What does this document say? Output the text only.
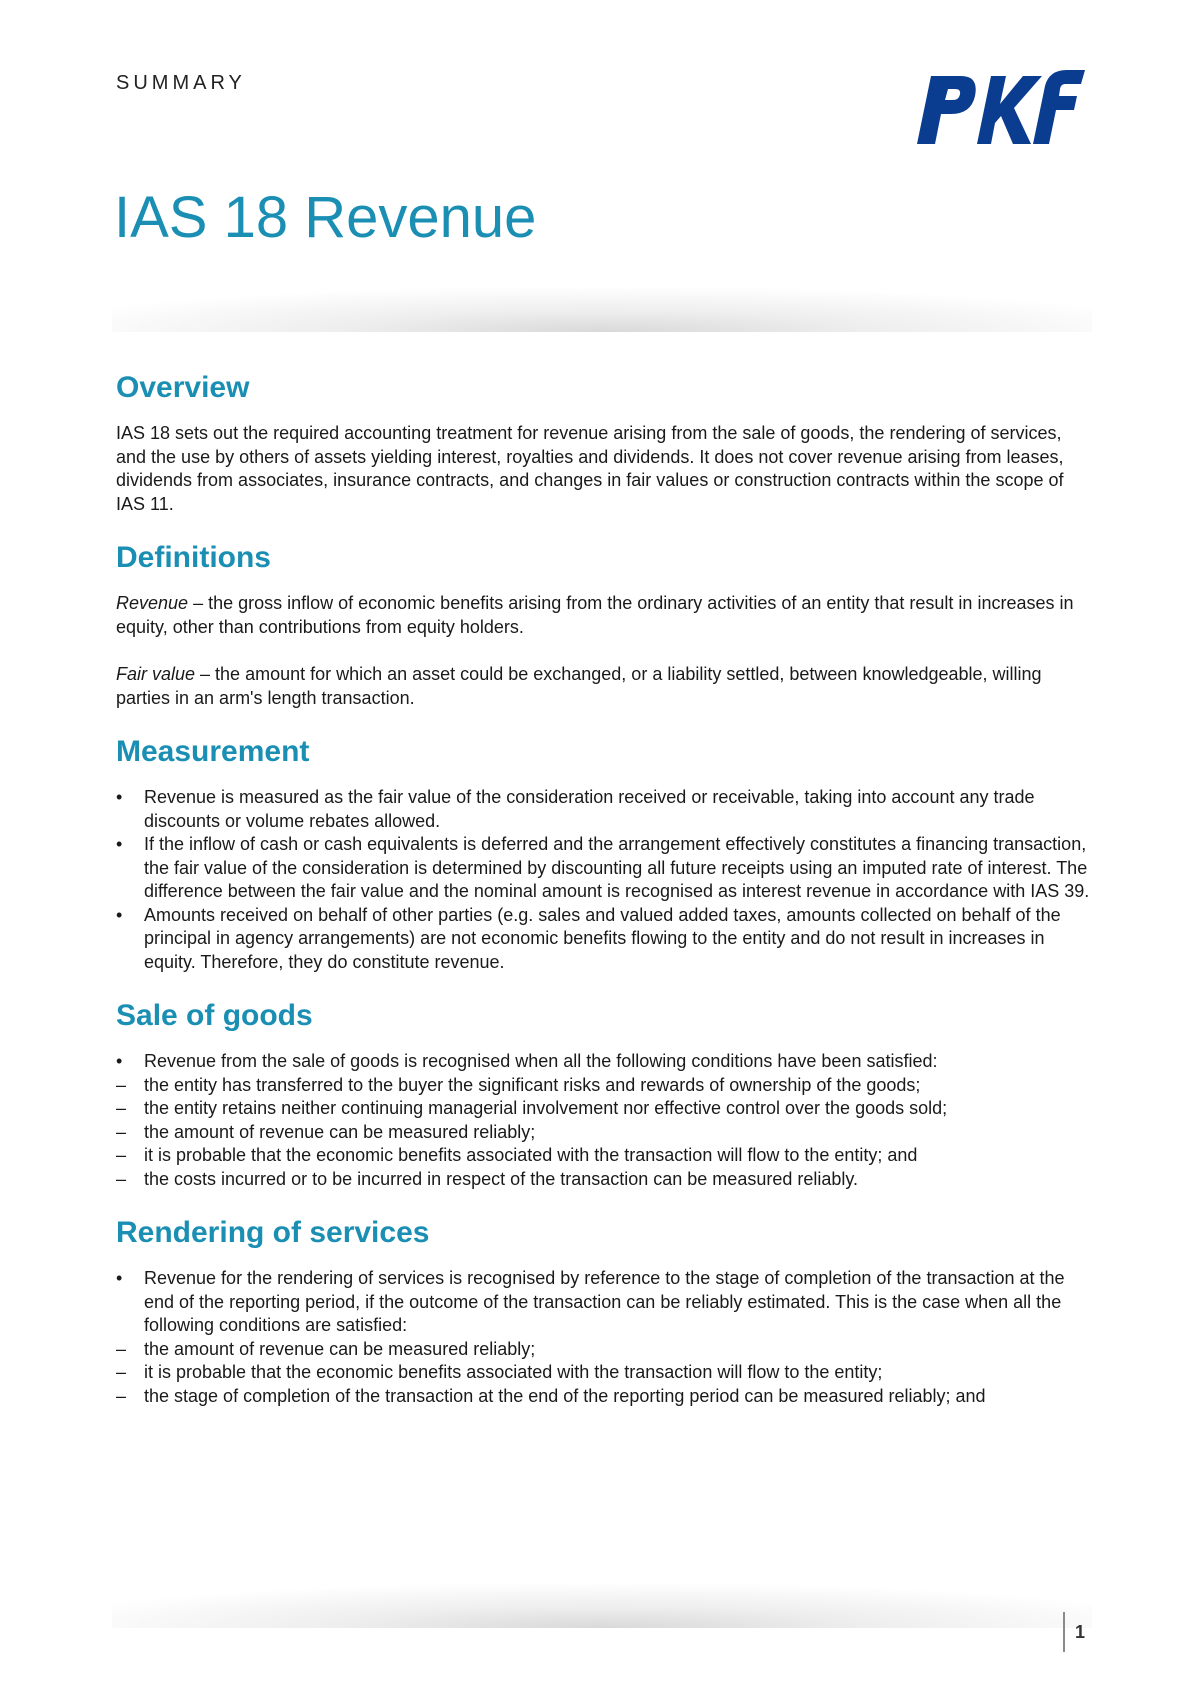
SUMMARY
IAS 18 Revenue
Overview

IAS 18 sets out the required accounting treatment for revenue arising from the sale of goods, the rendering of services, and the use by others of assets yielding interest, royalties and dividends. It does not cover revenue arising from leases, dividends from associates, insurance contracts, and changes in fair values or construction contracts within the scope of IAS 11.

Definitions

Revenue – the gross inflow of economic benefits arising from the ordinary activities of an entity that result in increases in equity, other than contributions from equity holders.

Fair value – the amount for which an asset could be exchanged, or a liability settled, between knowledgeable, willing parties in an arm's length transaction.

Measurement
• Revenue is measured as the fair value of the consideration received or receivable, taking into account any trade discounts or volume rebates allowed.
• If the inflow of cash or cash equivalents is deferred and the arrangement effectively constitutes a financing transaction, the fair value of the consideration is determined by discounting all future receipts using an imputed rate of interest. The difference between the fair value and the nominal amount is recognised as interest revenue in accordance with IAS 39.
• Amounts received on behalf of other parties (e.g. sales and valued added taxes, amounts collected on behalf of the principal in agency arrangements) are not economic benefits flowing to the entity and do not result in increases in equity. Therefore, they do constitute revenue.
Sale of goods
• Revenue from the sale of goods is recognised when all the following conditions have been satisfied:
– the entity has transferred to the buyer the significant risks and rewards of ownership of the goods;
– the entity retains neither continuing managerial involvement nor effective control over the goods sold;
– the amount of revenue can be measured reliably;
– it is probable that the economic benefits associated with the transaction will flow to the entity; and
– the costs incurred or to be incurred in respect of the transaction can be measured reliably.
Rendering of services
• Revenue for the rendering of services is recognised by reference to the stage of completion of the transaction at the end of the reporting period, if the outcome of the transaction can be reliably estimated. This is the case when all the following conditions are satisfied:
– the amount of revenue can be measured reliably;
– it is probable that the economic benefits associated with the transaction will flow to the entity;
– the stage of completion of the transaction at the end of the reporting period can be measured reliably; and
1
